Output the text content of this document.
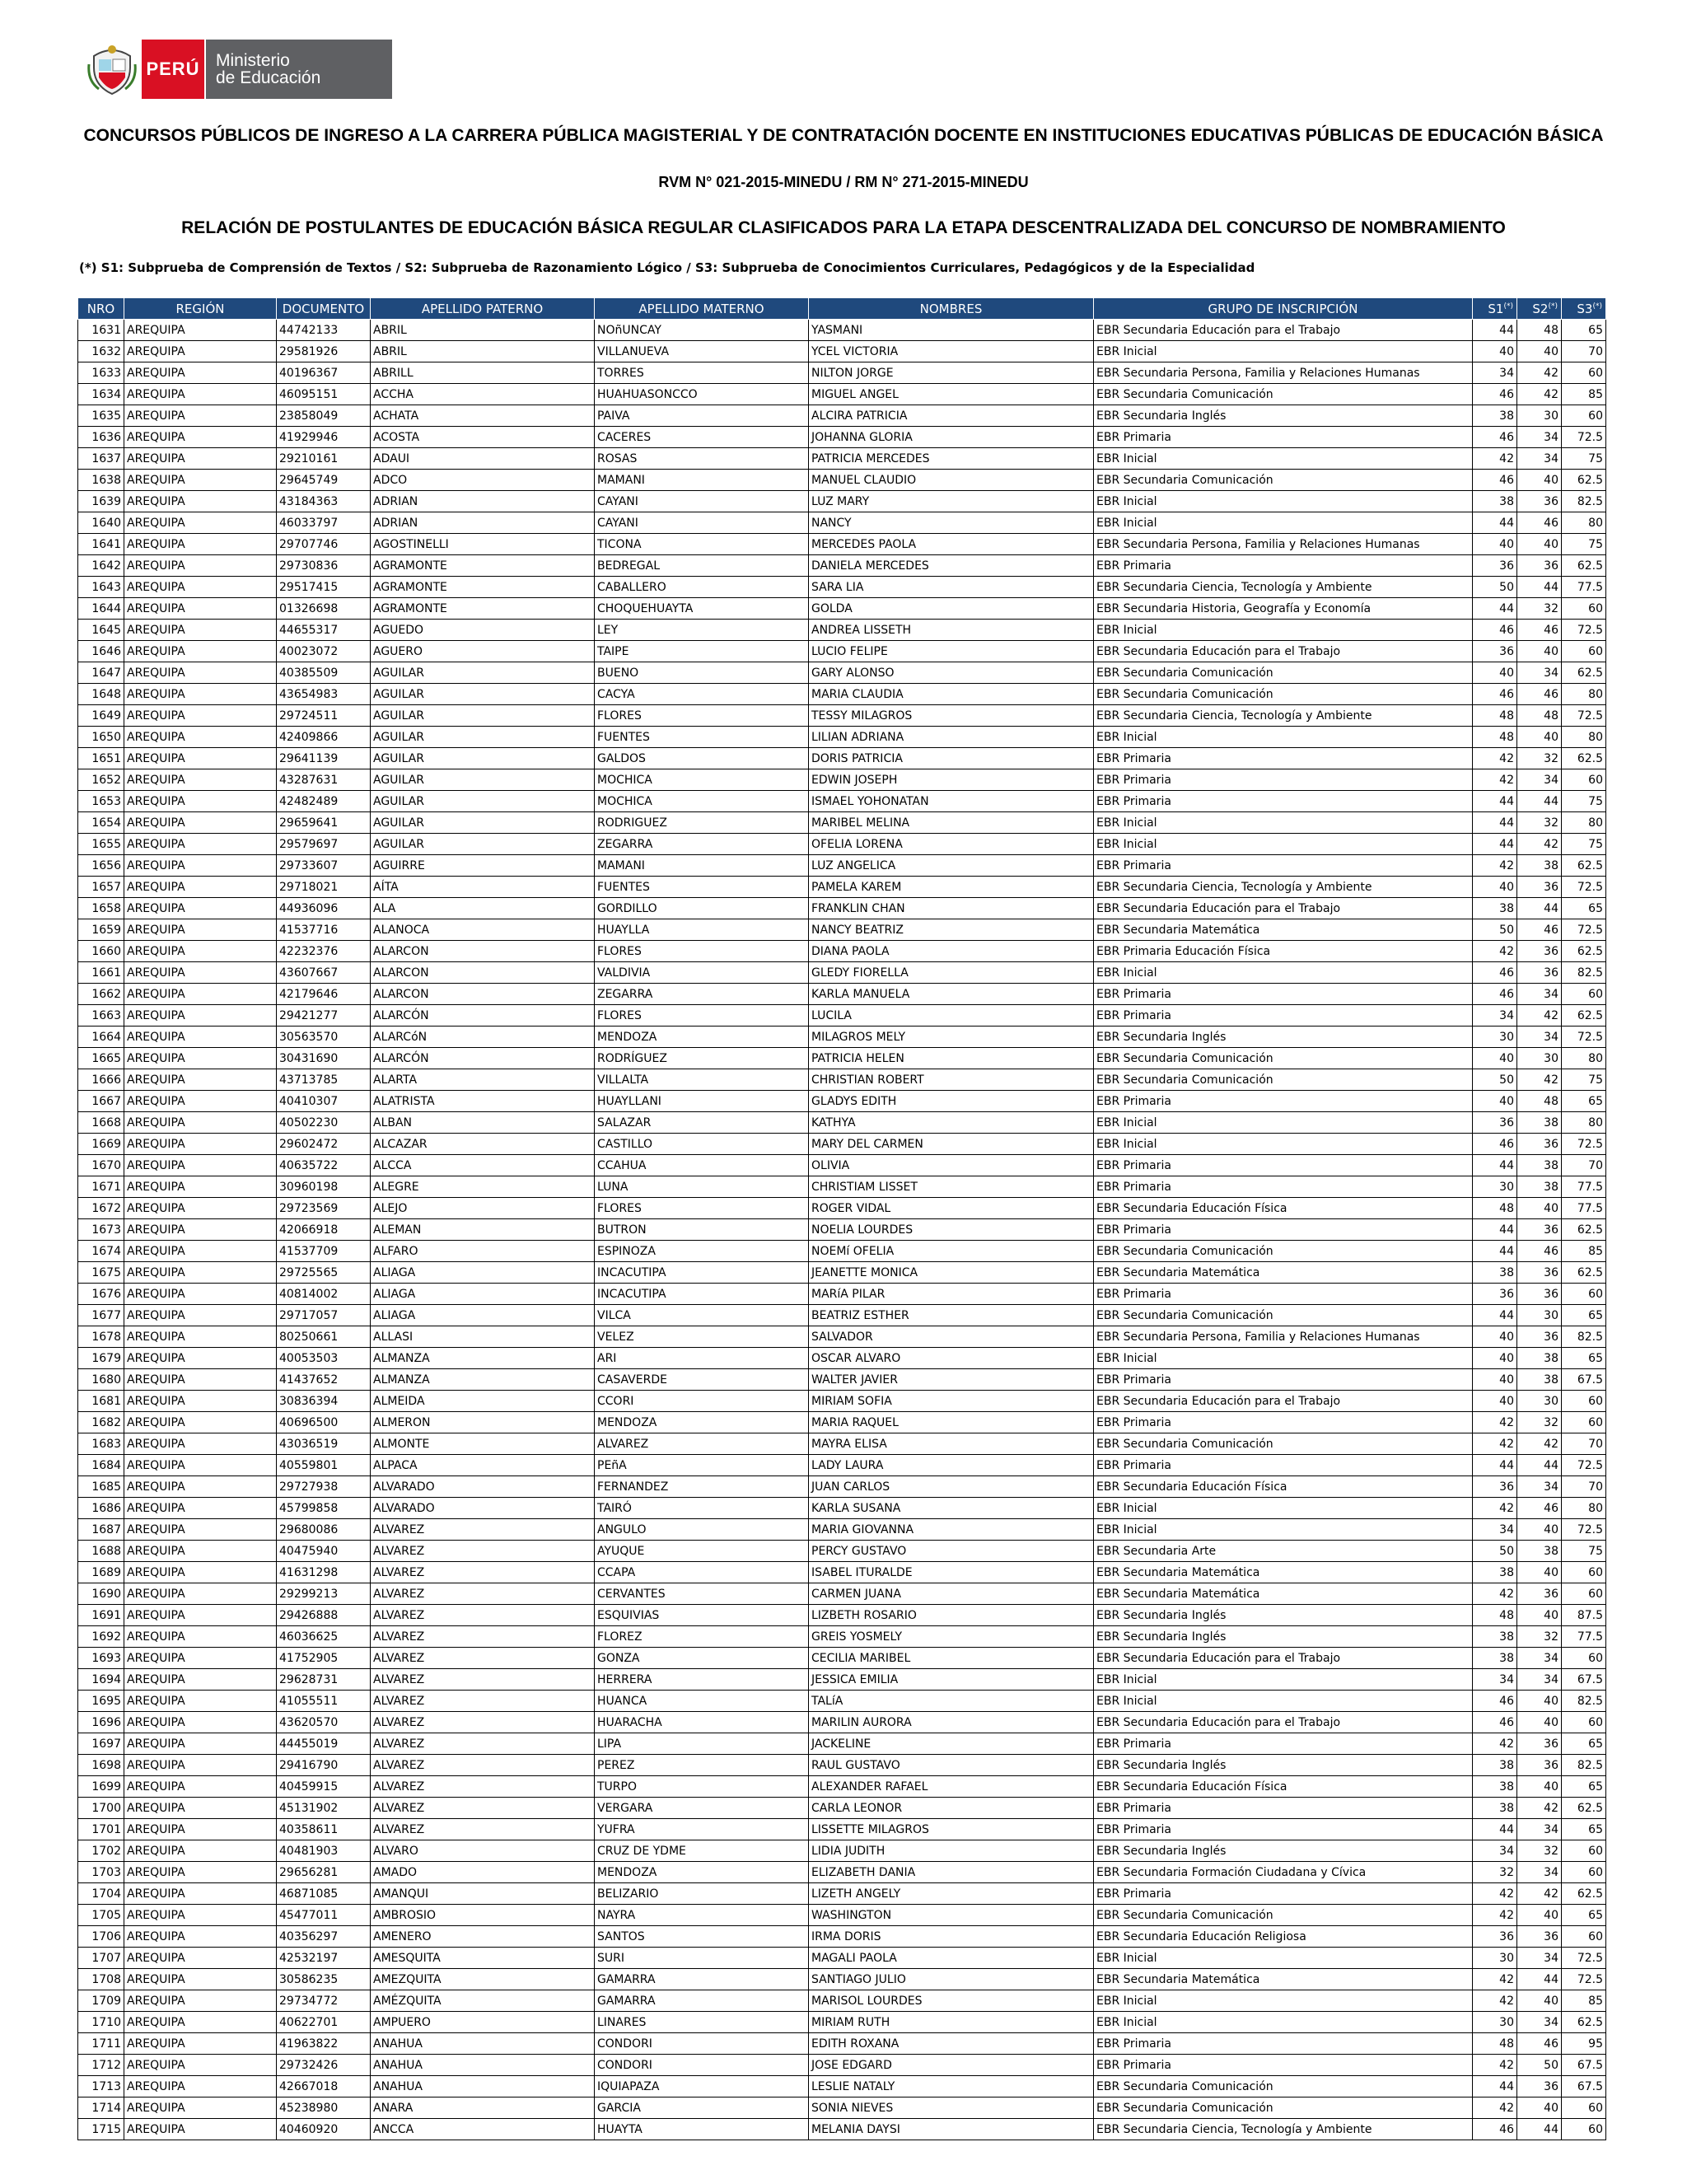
PERÚ Ministerio
de Educación
CONCURSOS PÚBLICOS DE INGRESO A LA CARRERA PÚBLICA MAGISTERIAL Y DE CONTRATACIÓN DOCENTE EN INSTITUCIONES EDUCATIVAS PÚBLICAS DE EDUCACIÓN BÁSICA
RVM N° 021-2015-MINEDU / RM N° 271-2015-MINEDU
RELACIÓN DE POSTULANTES DE EDUCACIÓN BÁSICA REGULAR CLASIFICADOS PARA LA ETAPA DESCENTRALIZADA DEL CONCURSO DE NOMBRAMIENTO
(*) S1: Subprueba de Comprensión de Textos / S2: Subprueba de Razonamiento Lógico / S3: Subprueba de Conocimientos Curriculares, Pedagógicos y de la Especialidad
NRO	REGIÓN	DOCUMENTO	APELLIDO PATERNO	APELLIDO MATERNO	NOMBRES	GRUPO DE INSCRIPCIÓN	S1(*)	S2(*)	S3(*)
1631	AREQUIPA	44742133	ABRIL	NOñUNCAY	YASMANI	EBR Secundaria Educación para el Trabajo	44	48	65
1632	AREQUIPA	29581926	ABRIL	VILLANUEVA	YCEL VICTORIA	EBR Inicial	40	40	70
1633	AREQUIPA	40196367	ABRILL	TORRES	NILTON JORGE	EBR Secundaria Persona, Familia y Relaciones Humanas	34	42	60
1634	AREQUIPA	46095151	ACCHA	HUAHUASONCCO	MIGUEL ANGEL	EBR Secundaria Comunicación	46	42	85
1635	AREQUIPA	23858049	ACHATA	PAIVA	ALCIRA PATRICIA	EBR Secundaria Inglés	38	30	60
1636	AREQUIPA	41929946	ACOSTA	CACERES	JOHANNA GLORIA	EBR Primaria	46	34	72.5
1637	AREQUIPA	29210161	ADAUI	ROSAS	PATRICIA MERCEDES	EBR Inicial	42	34	75
1638	AREQUIPA	29645749	ADCO	MAMANI	MANUEL CLAUDIO	EBR Secundaria Comunicación	46	40	62.5
1639	AREQUIPA	43184363	ADRIAN	CAYANI	LUZ MARY	EBR Inicial	38	36	82.5
1640	AREQUIPA	46033797	ADRIAN	CAYANI	NANCY	EBR Inicial	44	46	80
1641	AREQUIPA	29707746	AGOSTINELLI	TICONA	MERCEDES PAOLA	EBR Secundaria Persona, Familia y Relaciones Humanas	40	40	75
1642	AREQUIPA	29730836	AGRAMONTE	BEDREGAL	DANIELA MERCEDES	EBR Primaria	36	36	62.5
1643	AREQUIPA	29517415	AGRAMONTE	CABALLERO	SARA LIA	EBR Secundaria Ciencia, Tecnología y Ambiente	50	44	77.5
1644	AREQUIPA	01326698	AGRAMONTE	CHOQUEHUAYTA	GOLDA	EBR Secundaria Historia, Geografía y Economía	44	32	60
1645	AREQUIPA	44655317	AGUEDO	LEY	ANDREA LISSETH	EBR Inicial	46	46	72.5
1646	AREQUIPA	40023072	AGUERO	TAIPE	LUCIO FELIPE	EBR Secundaria Educación para el Trabajo	36	40	60
1647	AREQUIPA	40385509	AGUILAR	BUENO	GARY ALONSO	EBR Secundaria Comunicación	40	34	62.5
1648	AREQUIPA	43654983	AGUILAR	CACYA	MARIA CLAUDIA	EBR Secundaria Comunicación	46	46	80
1649	AREQUIPA	29724511	AGUILAR	FLORES	TESSY MILAGROS	EBR Secundaria Ciencia, Tecnología y Ambiente	48	48	72.5
1650	AREQUIPA	42409866	AGUILAR	FUENTES	LILIAN ADRIANA	EBR Inicial	48	40	80
1651	AREQUIPA	29641139	AGUILAR	GALDOS	DORIS PATRICIA	EBR Primaria	42	32	62.5
1652	AREQUIPA	43287631	AGUILAR	MOCHICA	EDWIN JOSEPH	EBR Primaria	42	34	60
1653	AREQUIPA	42482489	AGUILAR	MOCHICA	ISMAEL YOHONATAN	EBR Primaria	44	44	75
1654	AREQUIPA	29659641	AGUILAR	RODRIGUEZ	MARIBEL MELINA	EBR Inicial	44	32	80
1655	AREQUIPA	29579697	AGUILAR	ZEGARRA	OFELIA LORENA	EBR Inicial	44	42	75
1656	AREQUIPA	29733607	AGUIRRE	MAMANI	LUZ ANGELICA	EBR Primaria	42	38	62.5
1657	AREQUIPA	29718021	AÍTA	FUENTES	PAMELA KAREM	EBR Secundaria Ciencia, Tecnología y Ambiente	40	36	72.5
1658	AREQUIPA	44936096	ALA	GORDILLO	FRANKLIN CHAN	EBR Secundaria Educación para el Trabajo	38	44	65
1659	AREQUIPA	41537716	ALANOCA	HUAYLLA	NANCY BEATRIZ	EBR Secundaria Matemática	50	46	72.5
1660	AREQUIPA	42232376	ALARCON	FLORES	DIANA PAOLA	EBR Primaria Educación Física	42	36	62.5
1661	AREQUIPA	43607667	ALARCON	VALDIVIA	GLEDY FIORELLA	EBR Inicial	46	36	82.5
1662	AREQUIPA	42179646	ALARCON	ZEGARRA	KARLA MANUELA	EBR Primaria	46	34	60
1663	AREQUIPA	29421277	ALARCÓN	FLORES	LUCILA	EBR Primaria	34	42	62.5
1664	AREQUIPA	30563570	ALARCóN	MENDOZA	MILAGROS MELY	EBR Secundaria Inglés	30	34	72.5
1665	AREQUIPA	30431690	ALARCÓN	RODRÍGUEZ	PATRICIA HELEN	EBR Secundaria Comunicación	40	30	80
1666	AREQUIPA	43713785	ALARTA	VILLALTA	CHRISTIAN ROBERT	EBR Secundaria Comunicación	50	42	75
1667	AREQUIPA	40410307	ALATRISTA	HUAYLLANI	GLADYS EDITH	EBR Primaria	40	48	65
1668	AREQUIPA	40502230	ALBAN	SALAZAR	KATHYA	EBR Inicial	36	38	80
1669	AREQUIPA	29602472	ALCAZAR	CASTILLO	MARY DEL CARMEN	EBR Inicial	46	36	72.5
1670	AREQUIPA	40635722	ALCCA	CCAHUA	OLIVIA	EBR Primaria	44	38	70
1671	AREQUIPA	30960198	ALEGRE	LUNA	CHRISTIAM LISSET	EBR Primaria	30	38	77.5
1672	AREQUIPA	29723569	ALEJO	FLORES	ROGER VIDAL	EBR Secundaria Educación Física	48	40	77.5
1673	AREQUIPA	42066918	ALEMAN	BUTRON	NOELIA LOURDES	EBR Primaria	44	36	62.5
1674	AREQUIPA	41537709	ALFARO	ESPINOZA	NOEMí OFELIA	EBR Secundaria Comunicación	44	46	85
1675	AREQUIPA	29725565	ALIAGA	INCACUTIPA	JEANETTE MONICA	EBR Secundaria Matemática	38	36	62.5
1676	AREQUIPA	40814002	ALIAGA	INCACUTIPA	MARíA PILAR	EBR Primaria	36	36	60
1677	AREQUIPA	29717057	ALIAGA	VILCA	BEATRIZ ESTHER	EBR Secundaria Comunicación	44	30	65
1678	AREQUIPA	80250661	ALLASI	VELEZ	SALVADOR	EBR Secundaria Persona, Familia y Relaciones Humanas	40	36	82.5
1679	AREQUIPA	40053503	ALMANZA	ARI	OSCAR ALVARO	EBR Inicial	40	38	65
1680	AREQUIPA	41437652	ALMANZA	CASAVERDE	WALTER JAVIER	EBR Primaria	40	38	67.5
1681	AREQUIPA	30836394	ALMEIDA	CCORI	MIRIAM SOFIA	EBR Secundaria Educación para el Trabajo	40	30	60
1682	AREQUIPA	40696500	ALMERON	MENDOZA	MARIA RAQUEL	EBR Primaria	42	32	60
1683	AREQUIPA	43036519	ALMONTE	ALVAREZ	MAYRA ELISA	EBR Secundaria Comunicación	42	42	70
1684	AREQUIPA	40559801	ALPACA	PEñA	LADY LAURA	EBR Primaria	44	44	72.5
1685	AREQUIPA	29727938	ALVARADO	FERNANDEZ	JUAN CARLOS	EBR Secundaria Educación Física	36	34	70
1686	AREQUIPA	45799858	ALVARADO	TAIRÓ	KARLA SUSANA	EBR Inicial	42	46	80
1687	AREQUIPA	29680086	ALVAREZ	ANGULO	MARIA GIOVANNA	EBR Inicial	34	40	72.5
1688	AREQUIPA	40475940	ALVAREZ	AYUQUE	PERCY GUSTAVO	EBR Secundaria Arte	50	38	75
1689	AREQUIPA	41631298	ALVAREZ	CCAPA	ISABEL ITURALDE	EBR Secundaria Matemática	38	40	60
1690	AREQUIPA	29299213	ALVAREZ	CERVANTES	CARMEN JUANA	EBR Secundaria Matemática	42	36	60
1691	AREQUIPA	29426888	ALVAREZ	ESQUIVIAS	LIZBETH ROSARIO	EBR Secundaria Inglés	48	40	87.5
1692	AREQUIPA	46036625	ALVAREZ	FLOREZ	GREIS YOSMELY	EBR Secundaria Inglés	38	32	77.5
1693	AREQUIPA	41752905	ALVAREZ	GONZA	CECILIA MARIBEL	EBR Secundaria Educación para el Trabajo	38	34	60
1694	AREQUIPA	29628731	ALVAREZ	HERRERA	JESSICA EMILIA	EBR Inicial	34	34	67.5
1695	AREQUIPA	41055511	ALVAREZ	HUANCA	TALíA	EBR Inicial	46	40	82.5
1696	AREQUIPA	43620570	ALVAREZ	HUARACHA	MARILIN AURORA	EBR Secundaria Educación para el Trabajo	46	40	60
1697	AREQUIPA	44455019	ALVAREZ	LIPA	JACKELINE	EBR Primaria	42	36	65
1698	AREQUIPA	29416790	ALVAREZ	PEREZ	RAUL GUSTAVO	EBR Secundaria Inglés	38	36	82.5
1699	AREQUIPA	40459915	ALVAREZ	TURPO	ALEXANDER RAFAEL	EBR Secundaria Educación Física	38	40	65
1700	AREQUIPA	45131902	ALVAREZ	VERGARA	CARLA LEONOR	EBR Primaria	38	42	62.5
1701	AREQUIPA	40358611	ALVAREZ	YUFRA	LISSETTE MILAGROS	EBR Primaria	44	34	65
1702	AREQUIPA	40481903	ALVARO	CRUZ DE YDME	LIDIA JUDITH	EBR Secundaria Inglés	34	32	60
1703	AREQUIPA	29656281	AMADO	MENDOZA	ELIZABETH DANIA	EBR Secundaria Formación Ciudadana y Cívica	32	34	60
1704	AREQUIPA	46871085	AMANQUI	BELIZARIO	LIZETH ANGELY	EBR Primaria	42	42	62.5
1705	AREQUIPA	45477011	AMBROSIO	NAYRA	WASHINGTON	EBR Secundaria Comunicación	42	40	65
1706	AREQUIPA	40356297	AMENERO	SANTOS	IRMA DORIS	EBR Secundaria Educación Religiosa	36	36	60
1707	AREQUIPA	42532197	AMESQUITA	SURI	MAGALI PAOLA	EBR Inicial	30	34	72.5
1708	AREQUIPA	30586235	AMEZQUITA	GAMARRA	SANTIAGO JULIO	EBR Secundaria Matemática	42	44	72.5
1709	AREQUIPA	29734772	AMÉZQUITA	GAMARRA	MARISOL LOURDES	EBR Inicial	42	40	85
1710	AREQUIPA	40622701	AMPUERO	LINARES	MIRIAM RUTH	EBR Inicial	30	34	62.5
1711	AREQUIPA	41963822	ANAHUA	CONDORI	EDITH ROXANA	EBR Primaria	48	46	95
1712	AREQUIPA	29732426	ANAHUA	CONDORI	JOSE EDGARD	EBR Primaria	42	50	67.5
1713	AREQUIPA	42667018	ANAHUA	IQUIAPAZA	LESLIE NATALY	EBR Secundaria Comunicación	44	36	67.5
1714	AREQUIPA	45238980	ANARA	GARCIA	SONIA NIEVES	EBR Secundaria Comunicación	42	40	60
1715	AREQUIPA	40460920	ANCCA	HUAYTA	MELANIA DAYSI	EBR Secundaria Ciencia, Tecnología y Ambiente	46	44	60
